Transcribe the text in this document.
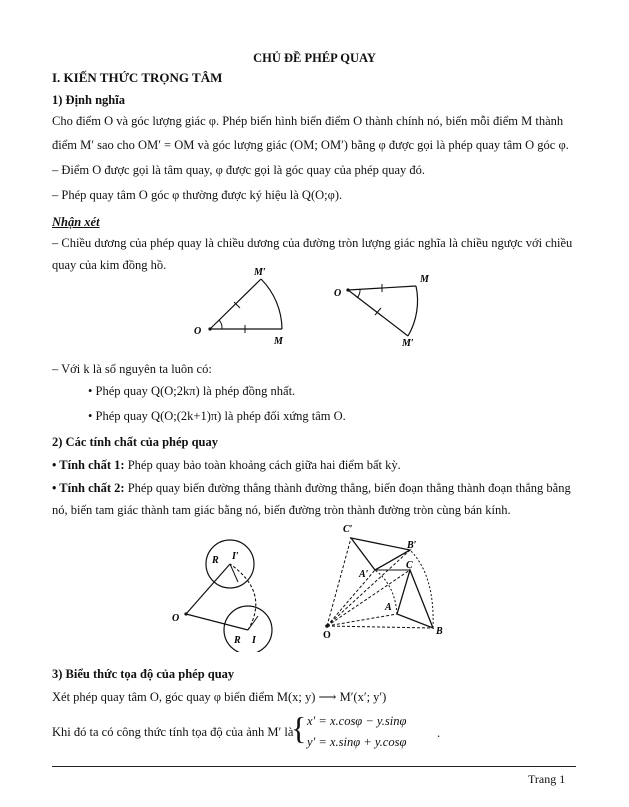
CHỦ ĐỀ PHÉP QUAY
I. KIẾN THỨC TRỌNG TÂM
1) Định nghĩa
Cho điểm O và góc lượng giác φ. Phép biến hình biến điểm O thành chính nó, biến mỗi điểm M thành
điểm M′ sao cho OM′ = OM và góc lượng giác (OM; OM′) bằng φ được gọi là phép quay tâm O góc φ.
– Điểm O được gọi là tâm quay, φ được gọi là góc quay của phép quay đó.
– Phép quay tâm O góc φ thường được ký hiệu là Q(O;φ).
Nhận xét
– Chiều dương của phép quay là chiều dương của đường tròn lượng giác nghĩa là chiều ngược với chiều
quay của kim đồng hồ.
O
M
M′
O
M
M′
– Với k là số nguyên ta luôn có:
• Phép quay Q(O;2kπ) là phép đồng nhất.
• Phép quay Q(O;(2k+1)π) là phép đối xứng tâm O.
2) Các tính chất của phép quay
• Tính chất 1: Phép quay bảo toàn khoảng cách giữa hai điểm bất kỳ.
• Tính chất 2: Phép quay biến đường thẳng thành đường thẳng, biến đoạn thẳng thành đoạn thẳng bằng
nó, biến tam giác thành tam giác bằng nó, biến đường tròn thành đường tròn cùng bán kính.
O
R I′
R I	O
C′
B′
A′
C
A
B
3) Biểu thức tọa độ của phép quay
Xét phép quay tâm O, góc quay φ biến điểm M(x; y) ⟶ M′(x′; y′)
Khi đó ta có công thức tính tọa độ của ảnh M′ là
{ x′ = x.cosφ − y.sinφ
y′ = x.sinφ + y.cosφ
.
Trang 1
